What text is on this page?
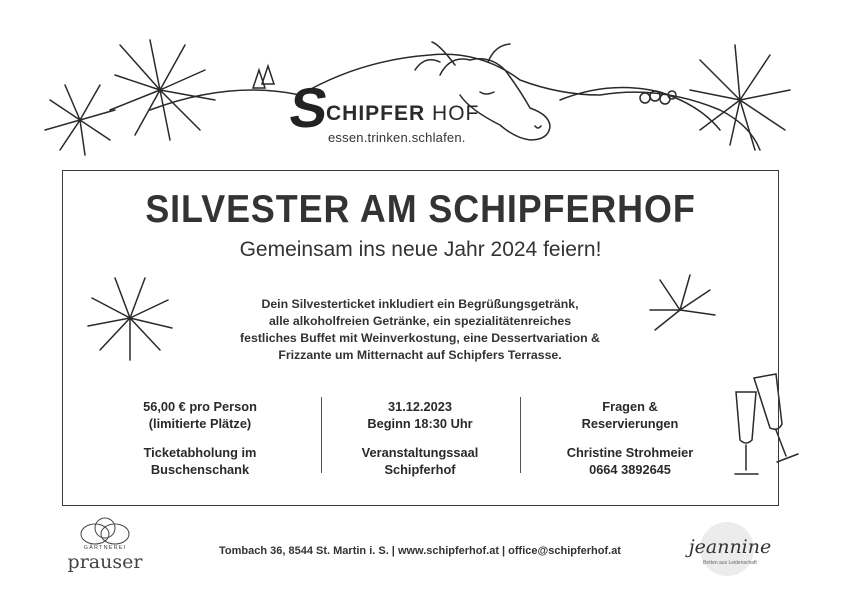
S
CHIPFER HOF
essen.trinken.schlafen.
SILVESTER AM SCHIPFERHOF
Gemeinsam ins neue Jahr 2024 feiern!
Dein Silvesterticket inkludiert ein Begrüßungsgetränk,
alle alkoholfreien Getränke, ein spezialitätenreiches
festliches Buffet mit Weinverkostung, eine Dessertvariation &
Frizzante um Mitternacht auf Schipfers Terrasse.

56,00 € pro Person

(limitierte Plätze)

Ticketabholung im

Buschenschank

31.12.2023

Beginn 18:30 Uhr

Veranstaltungssaal

Schipferhof

Fragen &

Reservierungen

Christine Strohmeier

0664 3892645

GÄRTNEREI
prauser	Tombach 36, 8544 St. Martin i. S. | www.schipferhof.at | office@schipferhof.at	jeannine
Betten aus Leidenschaft
